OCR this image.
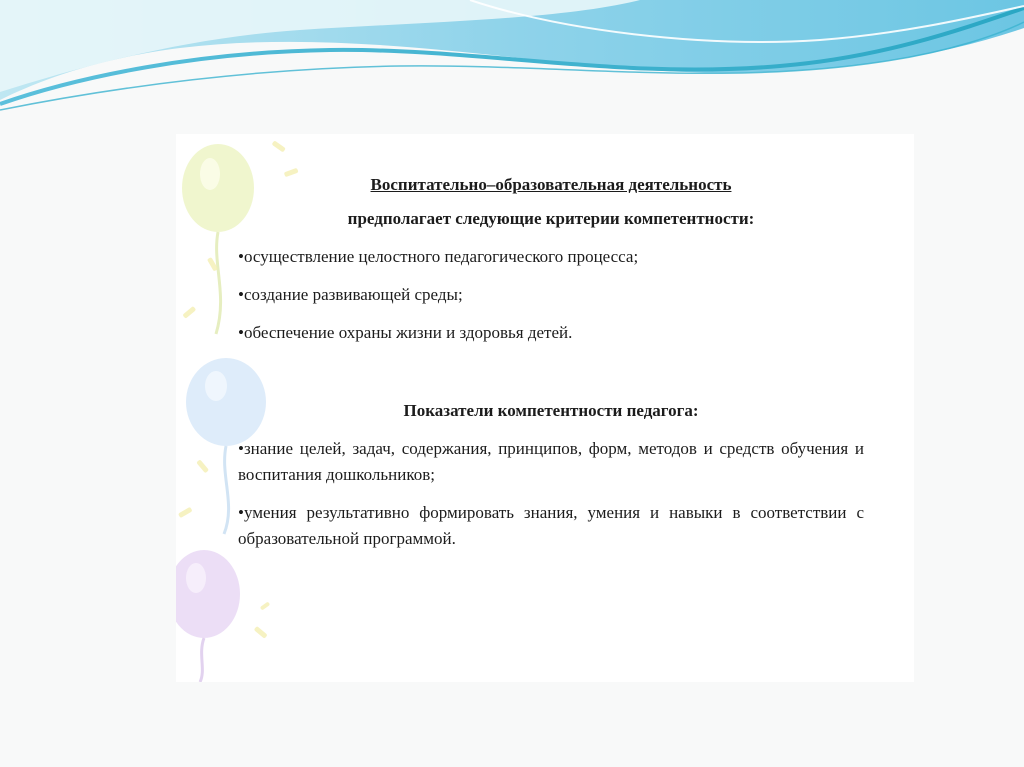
Воспитательно–образовательная деятельность

предполагает следующие критерии компетентности:

•осуществление целостного педагогического процесса;

•создание развивающей среды;

•обеспечение охраны жизни и здоровья детей.

Показатели компетентности педагога:

•знание целей, задач, содержания, принципов, форм, методов и средств обучения и воспитания дошкольников;

•умения результативно формировать знания, умения и навыки в соответствии с образовательной программой.
